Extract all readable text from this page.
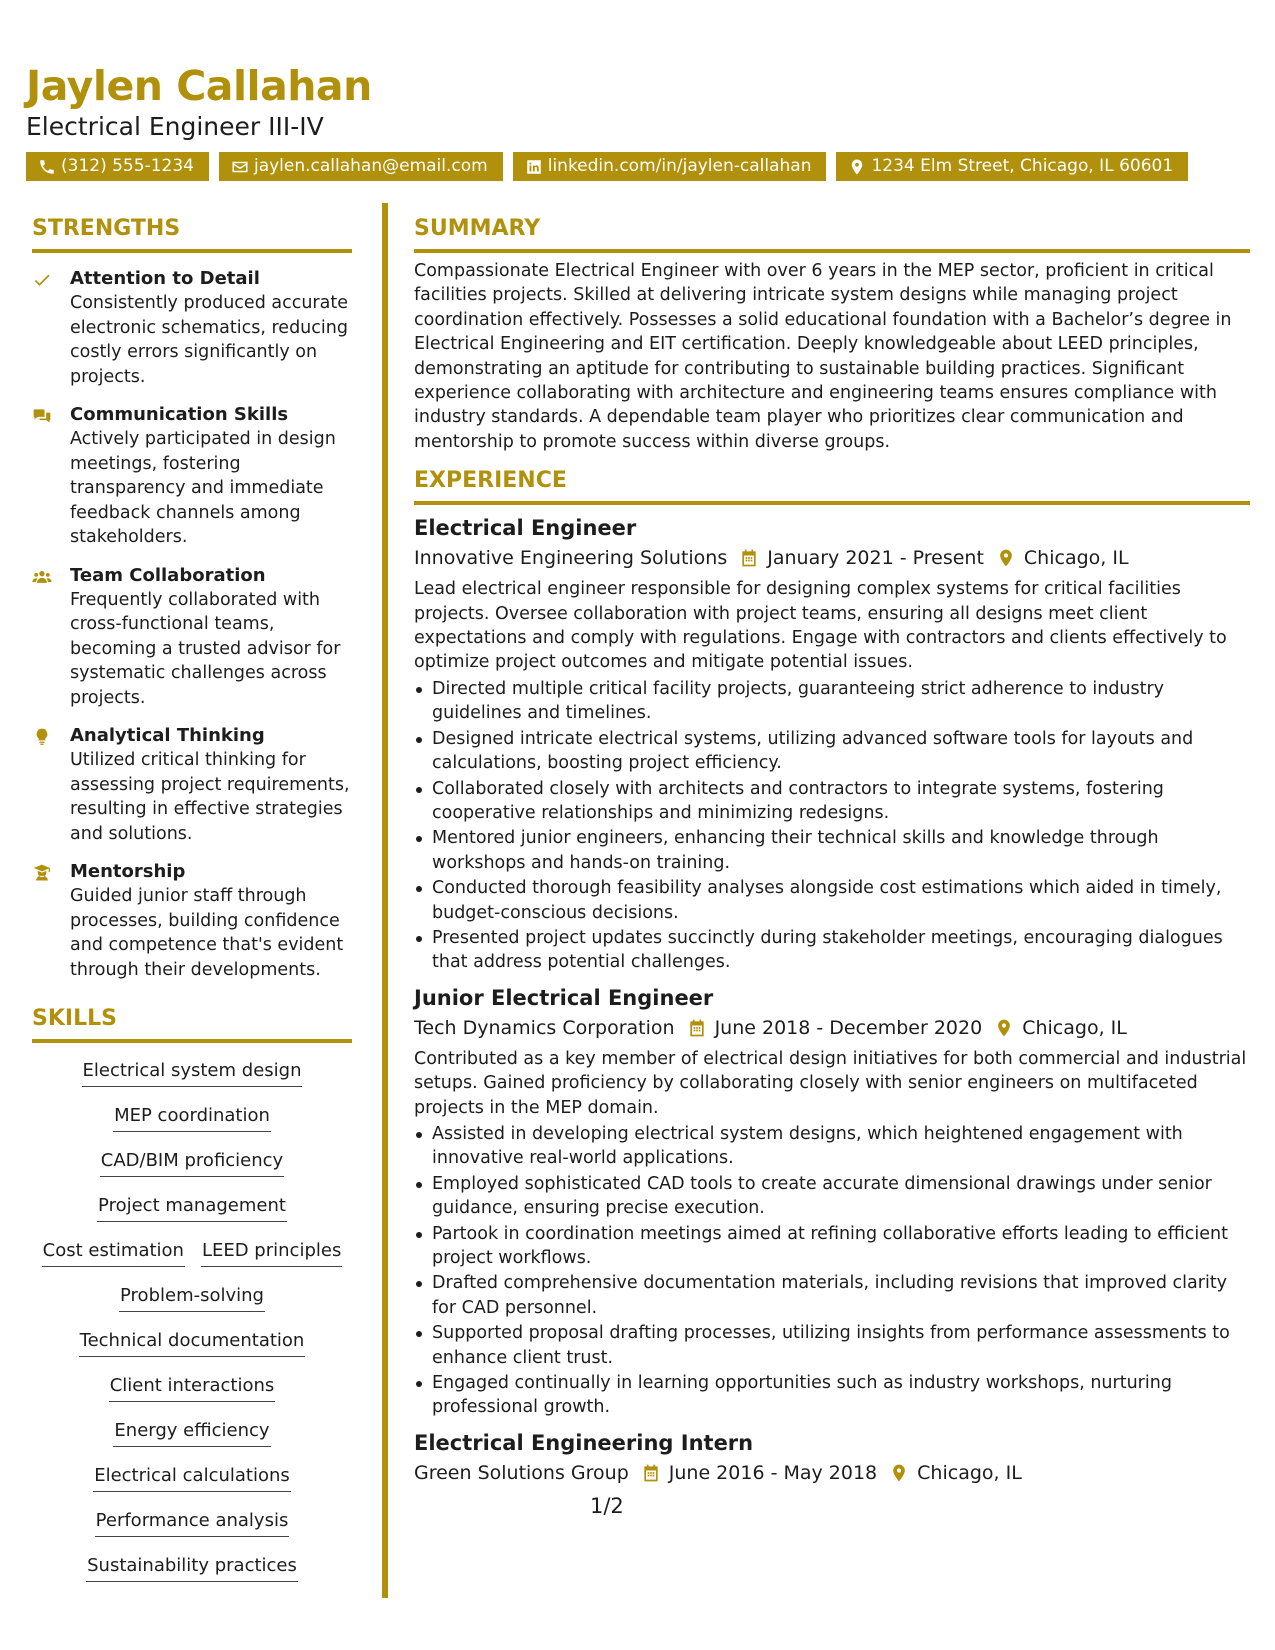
Jaylen Callahan
Electrical Engineer III-IV
(312) 555-1234	jaylen.callahan@email.com	linkedin.com/in/jaylen-callahan	1234 Elm Street, Chicago, IL 60601
STRENGTHS
Attention to Detail
Consistently produced accurate electronic schematics, reducing costly errors significantly on projects.
Communication Skills
Actively participated in design meetings, fostering transparency and immediate feedback channels among stakeholders.
Team Collaboration
Frequently collaborated with cross-functional teams, becoming a trusted advisor for systematic challenges across projects.
Analytical Thinking
Utilized critical thinking for assessing project requirements, resulting in effective strategies and solutions.
Mentorship
Guided junior staff through processes, building confidence and competence that's evident through their developments.
SKILLS
Electrical system design
MEP coordination
CAD/BIM proficiency
Project management
Cost estimation LEED principles
Problem-solving
Technical documentation
Client interactions
Energy efficiency
Electrical calculations
Performance analysis
Sustainability practices
SUMMARY
Compassionate Electrical Engineer with over 6 years in the MEP sector, proficient in critical facilities projects. Skilled at delivering intricate system designs while managing project coordination effectively. Possesses a solid educational foundation with a Bachelor’s degree in Electrical Engineering and EIT certification. Deeply knowledgeable about LEED principles, demonstrating an aptitude for contributing to sustainable building practices. Significant experience collaborating with architecture and engineering teams ensures compliance with industry standards. A dependable team player who prioritizes clear communication and mentorship to promote success within diverse groups.
EXPERIENCE
Electrical Engineer
Innovative Engineering Solutions January 2021 - Present Chicago, IL
Lead electrical engineer responsible for designing complex systems for critical facilities projects. Oversee collaboration with project teams, ensuring all designs meet client expectations and comply with regulations. Engage with contractors and clients effectively to optimize project outcomes and mitigate potential issues.
Directed multiple critical facility projects, guaranteeing strict adherence to industry guidelines and timelines.
Designed intricate electrical systems, utilizing advanced software tools for layouts and calculations, boosting project efficiency.
Collaborated closely with architects and contractors to integrate systems, fostering cooperative relationships and minimizing redesigns.
Mentored junior engineers, enhancing their technical skills and knowledge through workshops and hands-on training.
Conducted thorough feasibility analyses alongside cost estimations which aided in timely, budget-conscious decisions.
Presented project updates succinctly during stakeholder meetings, encouraging dialogues that address potential challenges.
Junior Electrical Engineer
Tech Dynamics Corporation June 2018 - December 2020 Chicago, IL
Contributed as a key member of electrical design initiatives for both commercial and industrial setups. Gained proficiency by collaborating closely with senior engineers on multifaceted projects in the MEP domain.
Assisted in developing electrical system designs, which heightened engagement with innovative real-world applications.
Employed sophisticated CAD tools to create accurate dimensional drawings under senior guidance, ensuring precise execution.
Partook in coordination meetings aimed at refining collaborative efforts leading to efficient project workflows.
Drafted comprehensive documentation materials, including revisions that improved clarity for CAD personnel.
Supported proposal drafting processes, utilizing insights from performance assessments to enhance client trust.
Engaged continually in learning opportunities such as industry workshops, nurturing professional growth.
Electrical Engineering Intern
Green Solutions Group June 2016 - May 2018 Chicago, IL
1/2
